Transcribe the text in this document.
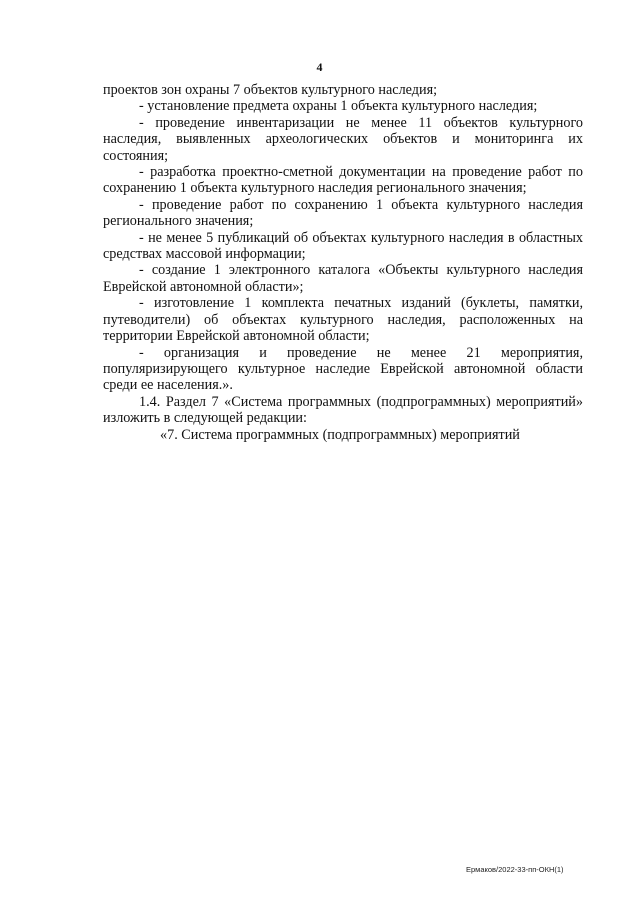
4

проектов зон охраны 7 объектов культурного наследия;

- установление предмета охраны 1 объекта культурного наследия;

- проведение инвентаризации не менее 11 объектов культурного наследия, выявленных археологических объектов и мониторинга их состояния;

- разработка проектно-сметной документации на проведение работ по сохранению 1 объекта культурного наследия регионального значения;

- проведение работ по сохранению 1 объекта культурного наследия регионального значения;

- не менее 5 публикаций об объектах культурного наследия в областных средствах массовой информации;

- создание 1 электронного каталога «Объекты культурного наследия Еврейской автономной области»;

- изготовление 1 комплекта печатных изданий (буклеты, памятки, путеводители) об объектах культурного наследия, расположенных на территории Еврейской автономной области;

- организация и проведение не менее 21 мероприятия, популяризирующего культурное наследие Еврейской автономной области среди ее населения.».

1.4. Раздел 7 «Система программных (подпрограммных) мероприятий» изложить в следующей редакции:

«7. Система программных (подпрограммных) мероприятий

Ермаков/2022-33-пп-ОКН(1)
